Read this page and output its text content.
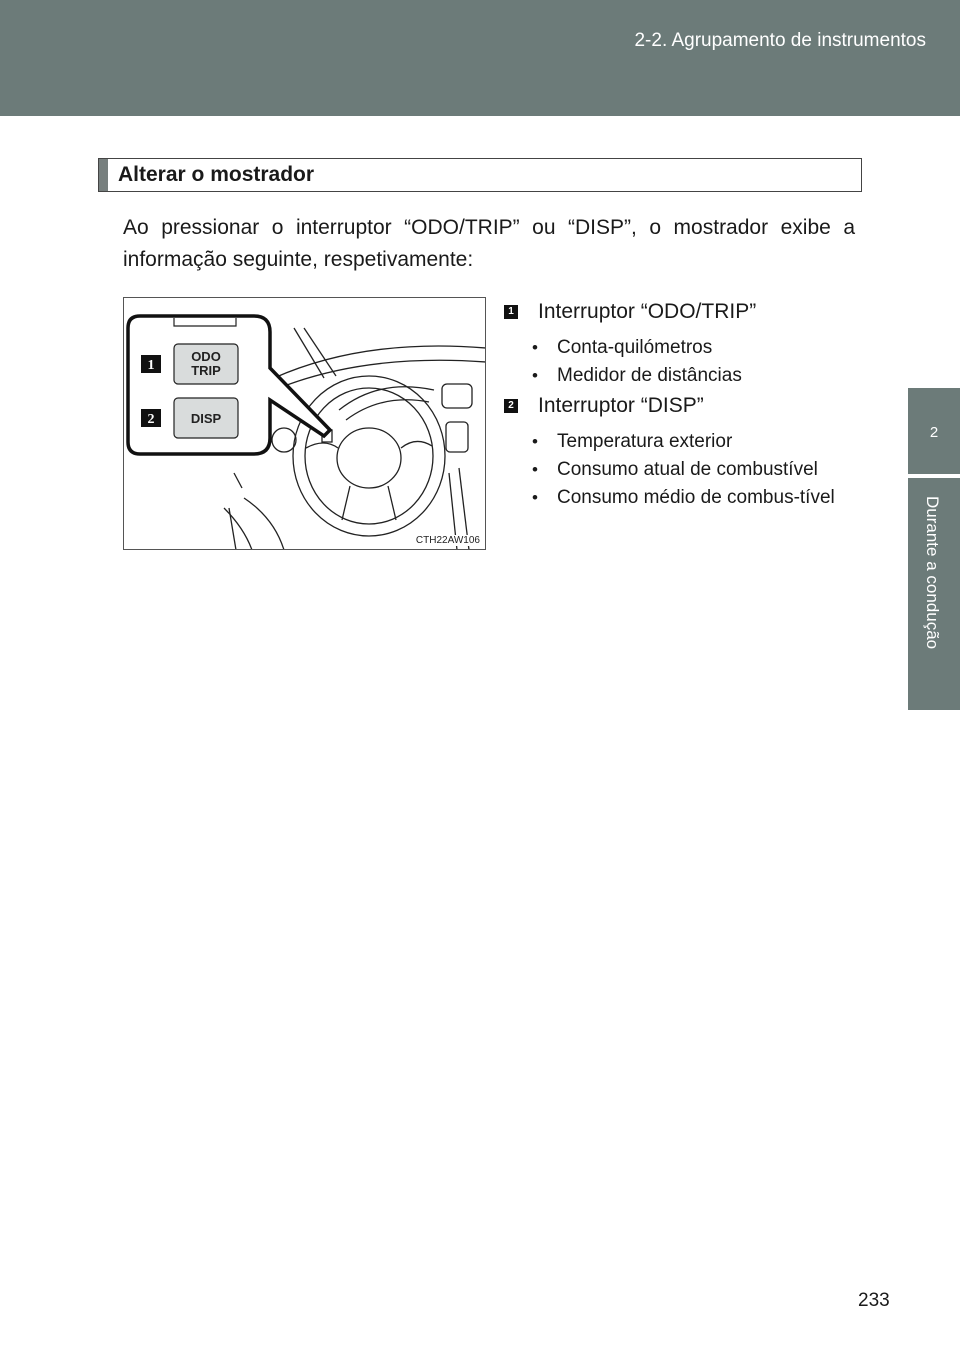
2-2. Agrupamento de instrumentos
2
Durante a condução
Alterar o mostrador
Ao pressionar o interruptor “ODO/TRIP” ou “DISP”, o mostrador exibe a informação seguinte, respetivamente:
1
2
ODO
TRIP
DISP
CTH22AW106
1 Interruptor “ODO/TRIP”
• Conta-quilómetros
• Medidor de distâncias
2 Interruptor “DISP”
• Temperatura exterior
• Consumo atual de combustível
• Consumo médio de combus-tível
233
